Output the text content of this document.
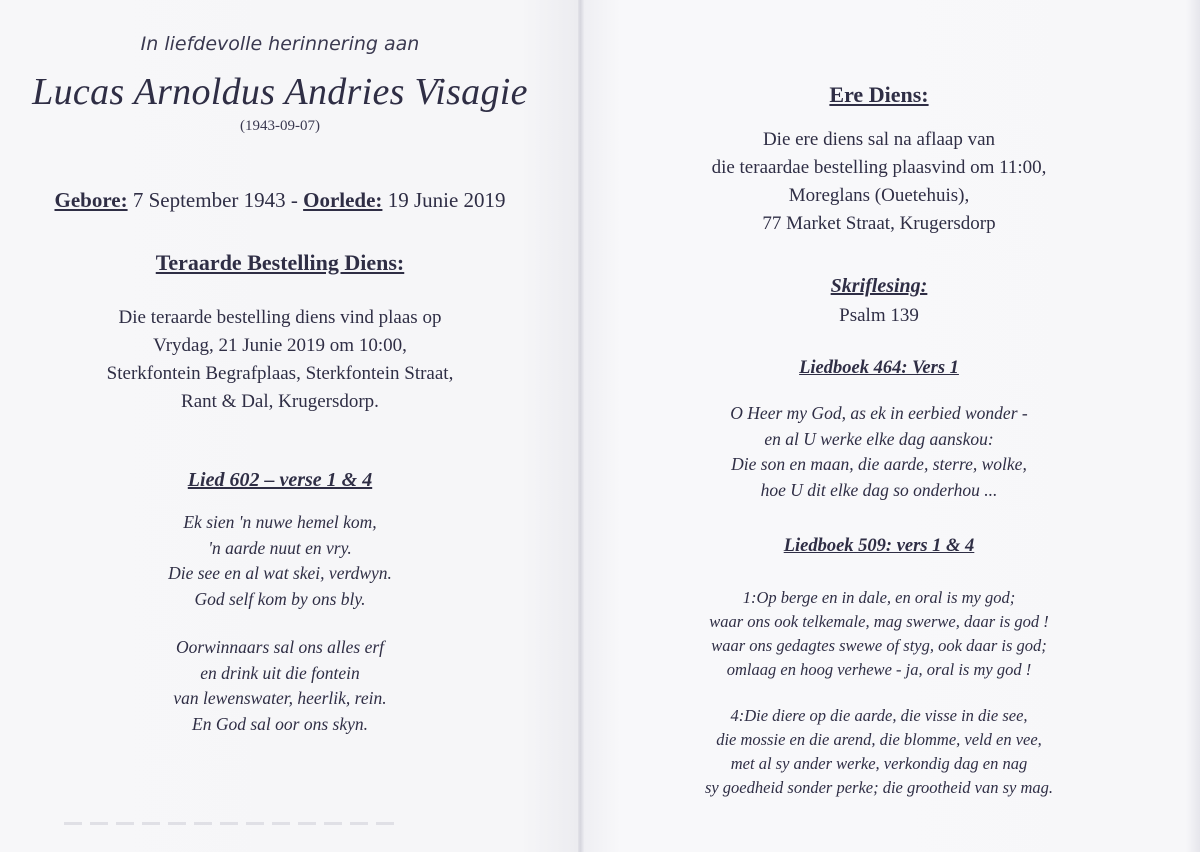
In liefdevolle herinnering aan
Lucas Arnoldus Andries Visagie
(1943-09-07)
Gebore: 7 September 1943 - Oorlede: 19 Junie 2019
Teraarde Bestelling Diens:
Die teraarde bestelling diens vind plaas op
Vrydag, 21 Junie 2019 om 10:00,
Sterkfontein Begrafplaas, Sterkfontein Straat,
Rant & Dal, Krugersdorp.
Lied 602 – verse 1 & 4
Ek sien 'n nuwe hemel kom,
'n aarde nuut en vry.
Die see en al wat skei, verdwyn.
God self kom by ons bly.
Oorwinnaars sal ons alles erf
en drink uit die fontein
van lewenswater, heerlik, rein.
En God sal oor ons skyn.
Ere Diens:
Die ere diens sal na aflaap van
die teraardae bestelling plaasvind om 11:00,
Moreglans (Ouetehuis),
77 Market Straat, Krugersdorp
Skriflesing:
Psalm 139
Liedboek 464: Vers 1
O Heer my God, as ek in eerbied wonder -
en al U werke elke dag aanskou:
Die son en maan, die aarde, sterre, wolke,
hoe U dit elke dag so onderhou ...
Liedboek 509: vers 1 & 4
1:Op berge en in dale, en oral is my god;
waar ons ook telkemale, mag swerwe, daar is god !
waar ons gedagtes swewe of styg, ook daar is god;
omlaag en hoog verhewe - ja, oral is my god !
4:Die diere op die aarde, die visse in die see,
die mossie en die arend, die blomme, veld en vee,
met al sy ander werke, verkondig dag en nag
sy goedheid sonder perke; die grootheid van sy mag.
